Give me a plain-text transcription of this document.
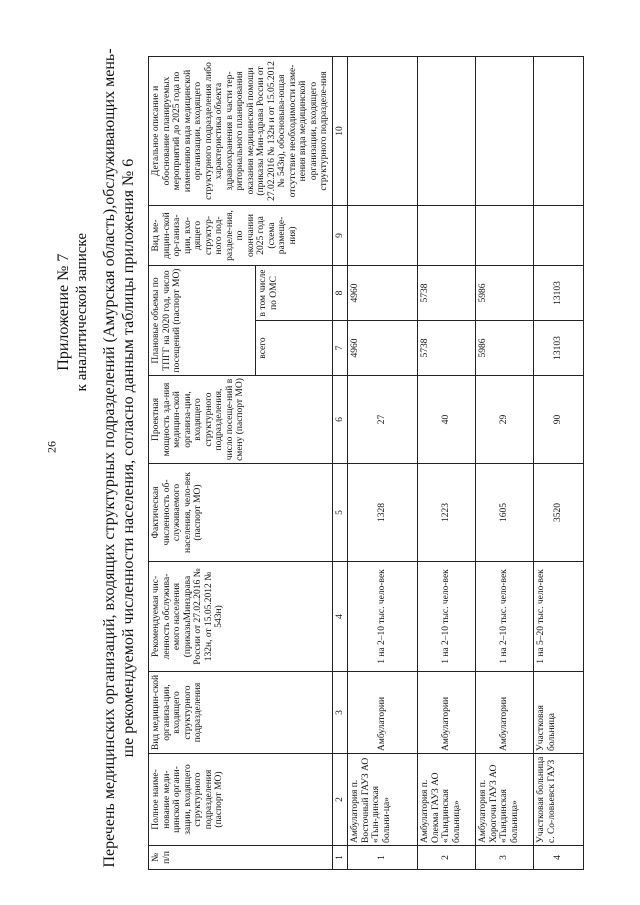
26
Приложение № 7 к аналитической записке Перечень медицинских организаций, входящих структурных подразделений (Амурская область),обслуживающих мень- ше рекомендуемой численности населения, согласно данным таблицы приложения № 6
№ п/п	Полное наиме-нование меди-цинской органи-зации, входящего структурного подразделения (паспорт МО)	Вид медицин-ской организа-ции, входящего структурного подразделения	Рекомендуемая чис-ленность обслужива-емого населения (приказыМинздрава России от 27.02.2016 № 132н, от 15.05.2012 № 543н)	Фактическая численность об-служиваемого населения, чело-век (паспорт МО)	Проектная мощность зда-ния медицин-ской организа-ции, входящего структурного подразделения, число посеще-ний в смену (паспорт МО)	Плановые объемы по ТПГГ на 2020 год, число посещений (паспорт МО)		Вид ме-дицин-ской ор-ганиза-ции, вхо-дящего структур-ного под-разделе-ния, по окончании 2025 года (схема размеще-ния)	Детальное описание и обоснование планируемых мероприятий до 2025 года по изменению вида медицинской организации, входящего структурного подразделения либо характеристика объекта здравоохранения в части тер-риториального планирования оказания медицинской помощи (приказы Мин-здрава России от 27.02.2016 № 132н и от 15.05.2012 № 543н), обосновыва-ющая отсутствие необходимости изме-нения вида медицинской организации, входящего структурного подразделе-ния
						всего	в том числе по ОМС		
1	2	3	4	5	6	7	8	9	10
1	Амбулатория п. Восточный ГАУЗ АО «Тын-динская больни-ца»	Амбулатории	1 на 2–10 тыс. чело-век	1328	27	4960	4960		
2	Амбулатория п. Олекма ГАУЗ АО «Тындинская больница»	Амбулатории	1 на 2–10 тыс. чело-век	1223	40	5738	5738		
3	Амбулатория п. Хорогочи ГАУЗ АО «Тындинская больница»	Амбулатории	1 на 2–10 тыс. чело-век	1605	29	5986	5986		
4	Участковая больница с. Со-ловьевск ГАУЗ	Участковая больница	1 на 5–20 тыс. чело-век	3520	90	13103	13103		
